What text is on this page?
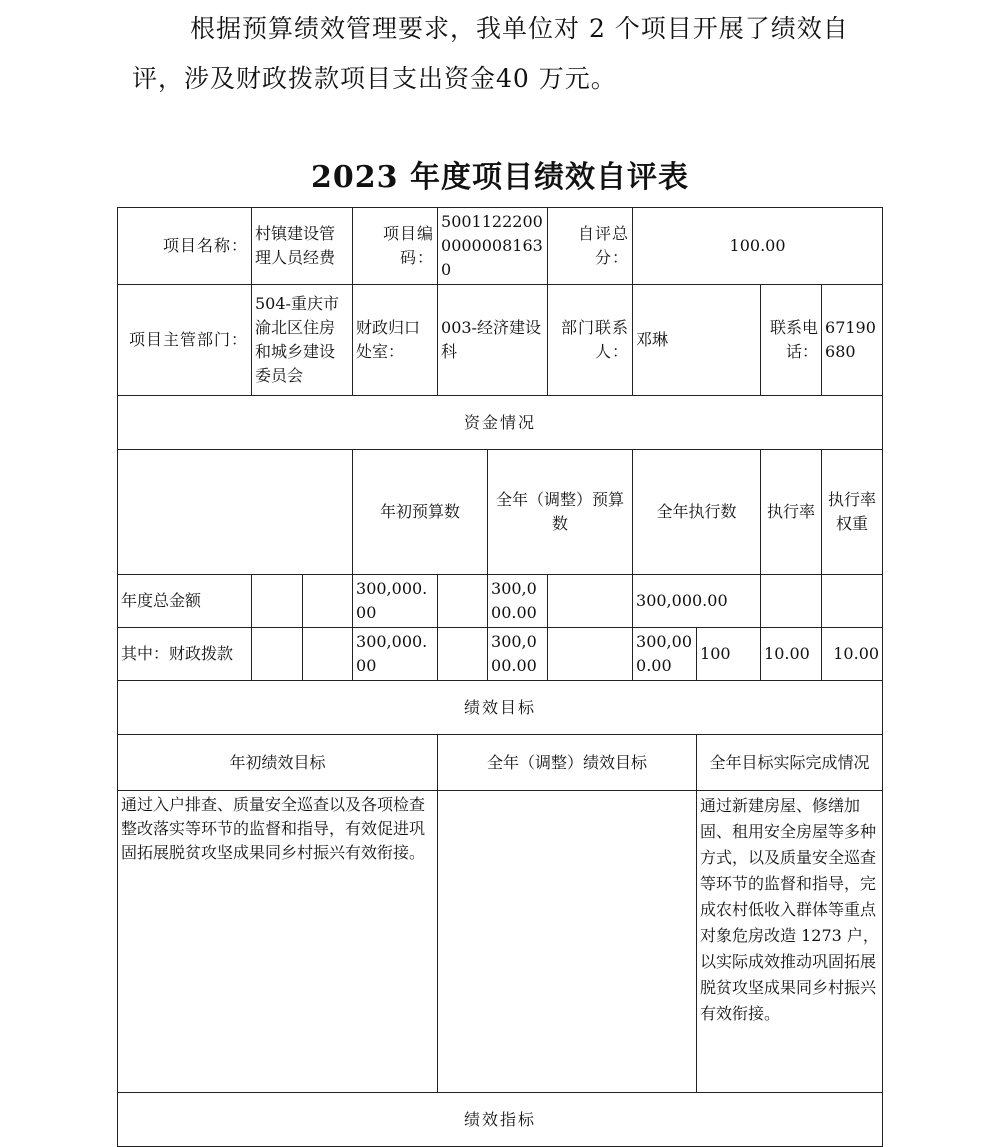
根据预算绩效管理要求，我单位对 2 个项目开展了绩效自
评，涉及财政拨款项目支出资金40 万元。

2023 年度项目绩效自评表
项目名称：	村镇建设管理人员经费		项目编码：	500112220000000081630		自评总分：	100.00				
项目主管部门：	504-重庆市渝北区住房和城乡建设委员会		财政归口处室：	003-经济建设科		部门联系人：	邓琳		联系电话：	67190680	
资金情况											
			年初预算数		全年（调整）预算数		全年执行数		执行率	执行率权重	
年度总金额			300,000.00		300,000.00		300,000.00				
其中：财政拨款			300,000.00		300,000.00		300,000.00	100	10.00	10.00	
绩效目标											
年初绩效目标				全年（调整）绩效目标				全年目标实际完成情况			
通过入户排查、质量安全巡查以及各项检查整改落实等环节的监督和指导，有效促进巩固拓展脱贫攻坚成果同乡村振兴有效衔接。								通过新建房屋、修缮加固、租用安全房屋等多种方式，以及质量安全巡查等环节的监督和指导，完成农村低收入群体等重点对象危房改造 1273 户，以实际成效推动巩固拓展脱贫攻坚成果同乡村振兴有效衔接。			
绩效指标											
